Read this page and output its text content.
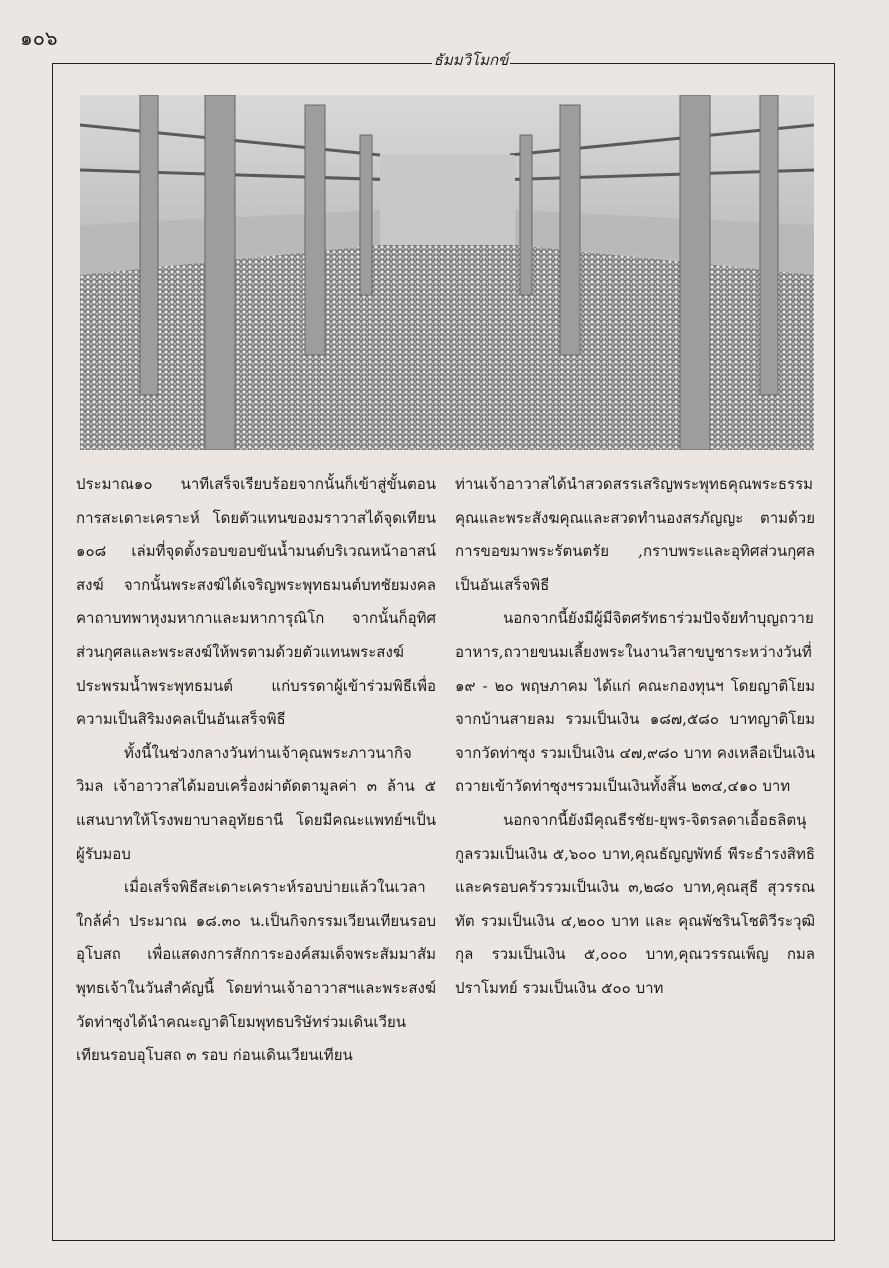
๑๐๖
ธัมมวิโมกข์

ประมาณ๑๐ นาทีเสร็จเรียบร้อยจากนั้นก็เข้าสู่ขั้นตอนการสะเดาะเคราะห์ โดยตัวแทนของมราวาสได้จุดเทียน ๑๐๘ เล่มที่จุดตั้งรอบขอบขันน้ำมนต์บริเวณหน้าอาสน์สงฆ์ จากนั้นพระสงฆ์ได้เจริญพระพุทธมนต์บทชัยมงคลคาถาบทพาหุงมหากาและมหาการุณิโก จากนั้นก็อุทิศส่วนกุศลและพระสงฆ์ให้พรตามด้วยตัวแทนพระสงฆ์ประพรมน้ำพระพุทธมนต์ แก่บรรดาผู้เข้าร่วมพิธีเพื่อความเป็นสิริมงคลเป็นอันเสร็จพิธี

ทั้งนี้ในช่วงกลางวันท่านเจ้าคุณพระภาวนากิจวิมล เจ้าอาวาสได้มอบเครื่องผ่าตัดตามูลค่า ๓ ล้าน ๕ แสนบาทให้โรงพยาบาลอุทัยธานี โดยมีคณะแพทย์ฯเป็นผู้รับมอบ

เมื่อเสร็จพิธีสะเดาะเคราะห์รอบบ่ายแล้วในเวลาใกล้ค่ำ ประมาณ ๑๘.๓๐ น.เป็นกิจกรรมเวียนเทียนรอบอุโบสถ เพื่อแสดงการสักการะองค์สมเด็จพระสัมมาสัมพุทธเจ้าในวันสำคัญนี้ โดยท่านเจ้าอาวาสฯและพระสงฆ์วัดท่าซุงได้นำคณะญาติโยมพุทธบริษัทร่วมเดินเวียนเทียนรอบอุโบสถ ๓ รอบ ก่อนเดินเวียนเทียน

ท่านเจ้าอาวาสได้นำสวดสรรเสริญพระพุทธคุณพระธรรมคุณและพระสังฆคุณและสวดทำนองสรภัญญะ ตามด้วยการขอขมาพระรัตนตรัย ,กราบพระและอุทิศส่วนกุศล เป็นอันเสร็จพิธี

นอกจากนี้ยังมีผู้มีจิตศรัทธาร่วมปัจจัยทำบุญถวายอาหาร,ถวายขนมเลี้ยงพระในงานวิสาขบูชาระหว่างวันที่ ๑๙ - ๒๐ พฤษภาคม ได้แก่ คณะกองทุนฯ โดยญาติโยมจากบ้านสายลม รวมเป็นเงิน ๑๘๗,๕๘๐ บาทญาติโยมจากวัดท่าซุง รวมเป็นเงิน ๔๗,๙๘๐ บาท คงเหลือเป็นเงินถวายเข้าวัดท่าซุงฯรวมเป็นเงินทั้งสิ้น ๒๓๔,๔๑๐ บาท

นอกจากนี้ยังมีคุณธีรชัย-ยุพร-จิตรลดาเอื้อธลิตนุกูลรวมเป็นเงิน ๕,๖๐๐ บาท,คุณธัญญพัทธ์ พีระธำรงสิทธิและครอบครัวรวมเป็นเงิน ๓,๒๘๐ บาท,คุณสุธี สุวรรณทัต รวมเป็นเงิน ๔,๒๐๐ บาท และ คุณพัชรินโชติวีระวุฒิกุล รวมเป็นเงิน ๕,๐๐๐ บาท,คุณวรรณเพ็ญ กมลปราโมทย์ รวมเป็นเงิน ๕๐๐ บาท
